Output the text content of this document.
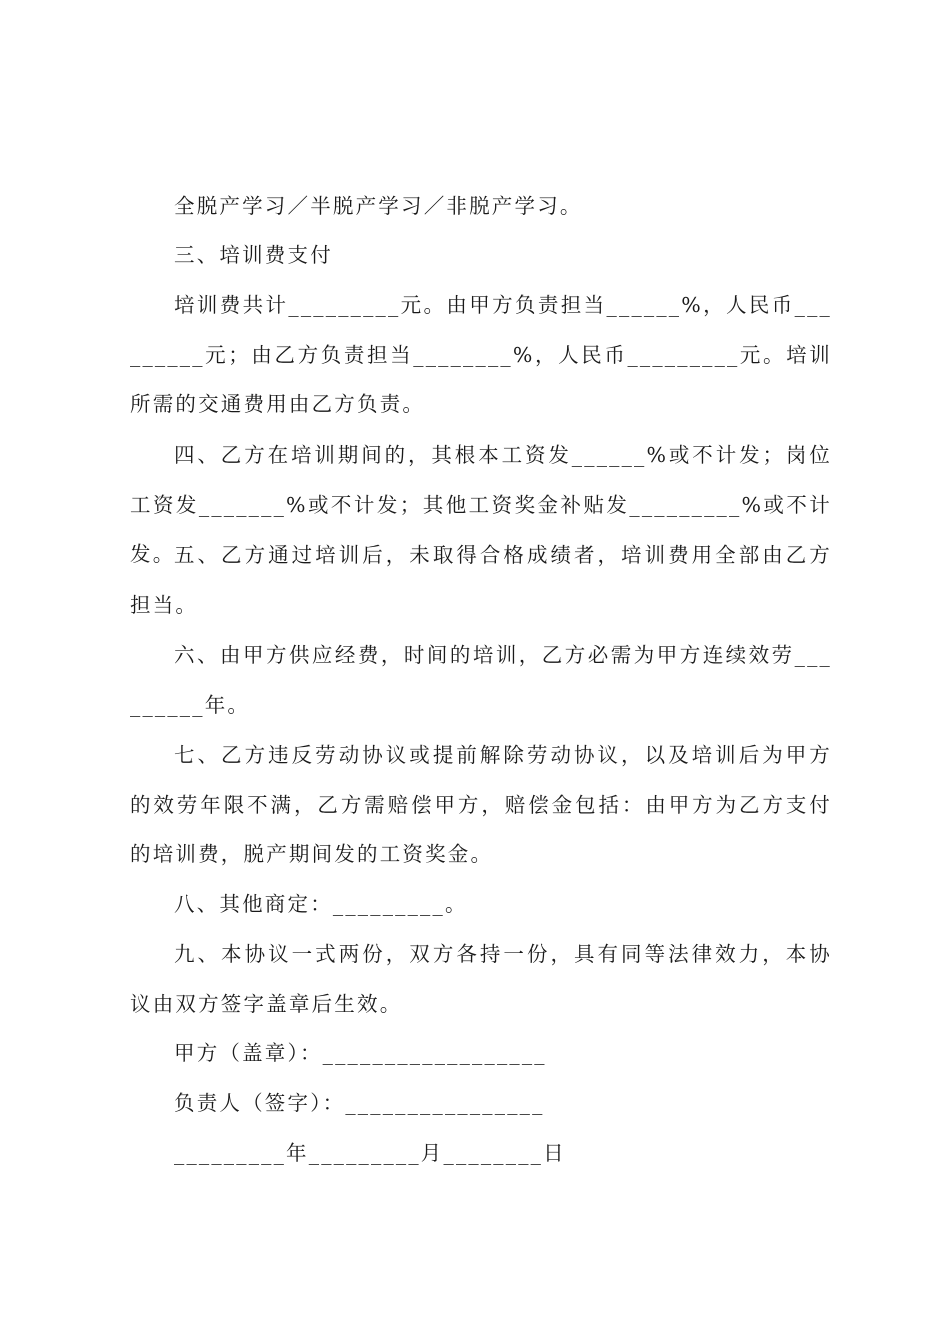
全脱产学习／半脱产学习／非脱产学习。

三、培训费支付

培训费共计_________元。由甲方负责担当______%，人民币_________元；由乙方负责担当________%，人民币_________元。培训所需的交通费用由乙方负责。

四、乙方在培训期间的，其根本工资发______%或不计发；岗位工资发_______%或不计发；其他工资奖金补贴发_________%或不计发。

五、乙方通过培训后，未取得合格成绩者，培训费用全部由乙方担当。

六、由甲方供应经费，时间的培训，乙方必需为甲方连续效劳_________年。

七、乙方违反劳动协议或提前解除劳动协议，以及培训后为甲方的效劳年限不满，乙方需赔偿甲方，赔偿金包括：由甲方为乙方支付的培训费，脱产期间发的工资奖金。

八、其他商定：_________。

九、本协议一式两份，双方各持一份，具有同等法律效力，本协议由双方签字盖章后生效。

甲方（盖章）：__________________

负责人（签字）：________________

_________年_________月________日
